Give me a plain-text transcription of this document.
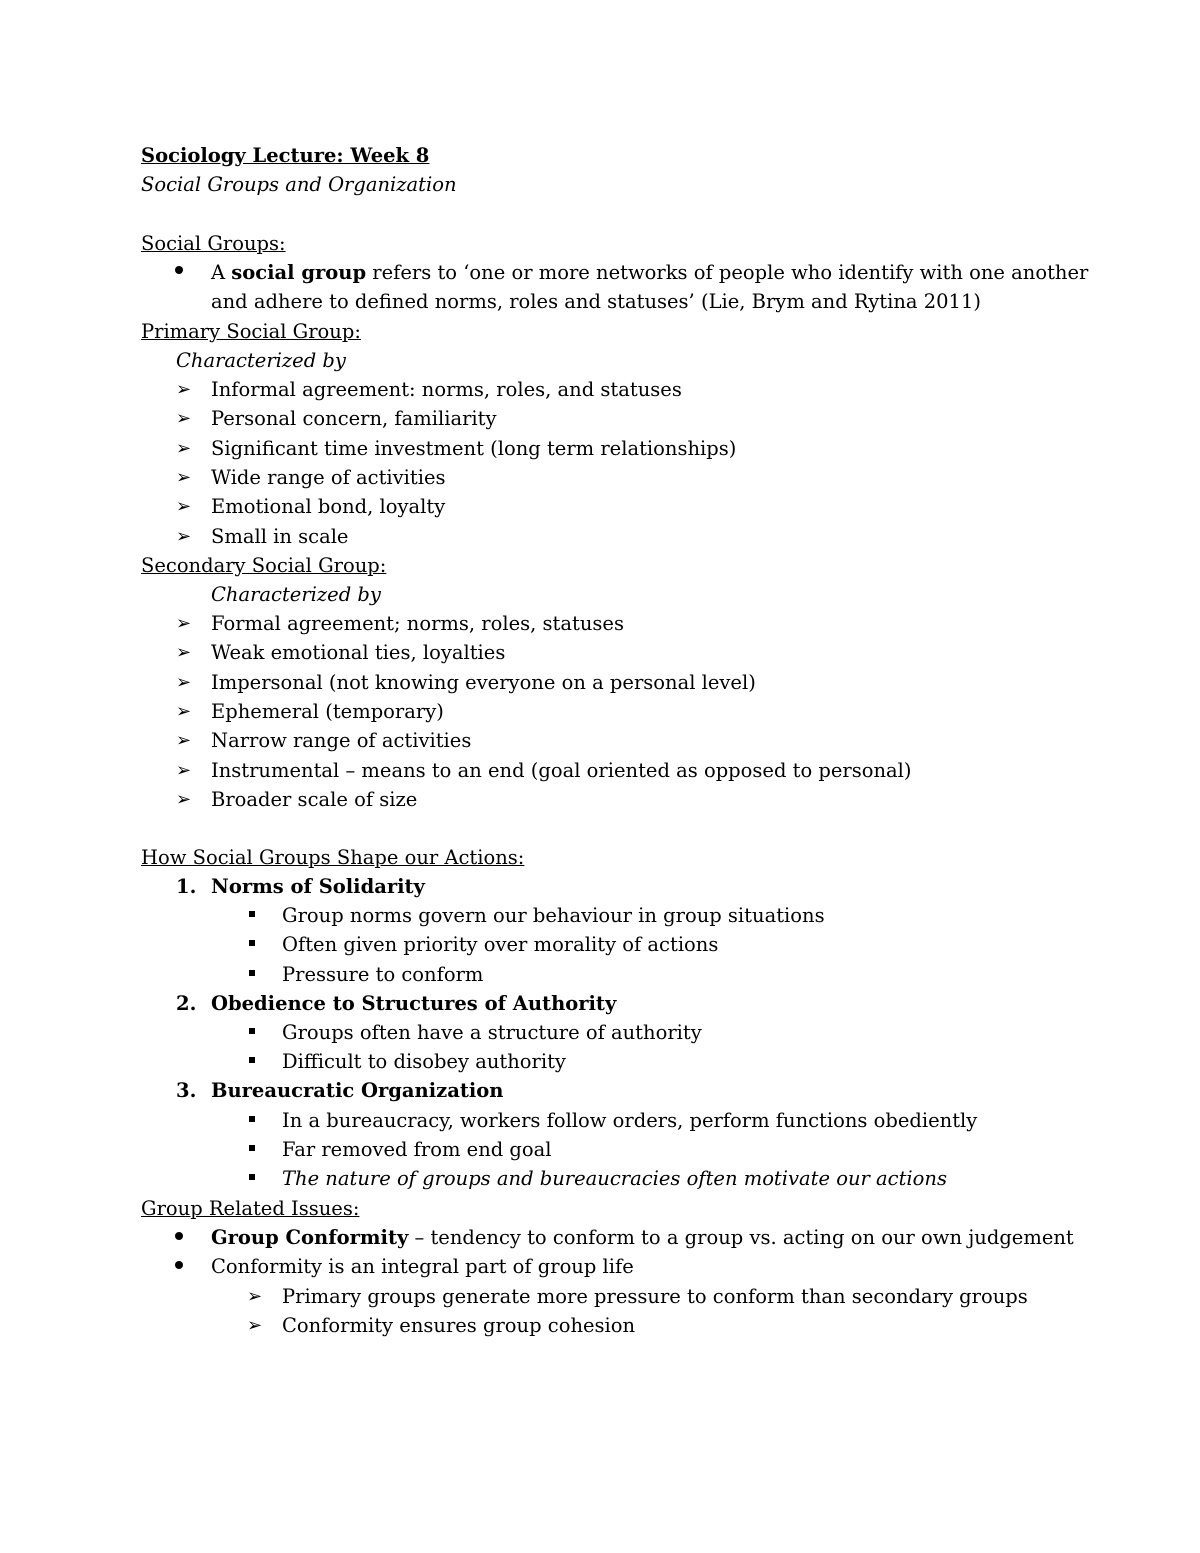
Sociology Lecture: Week 8
Social Groups and Organization
Social Groups:
A social group refers to ‘one or more networks of people who identify with one another
and adhere to defined norms, roles and statuses’ (Lie, Brym and Rytina 2011)
Primary Social Group:
Characterized by
➢ Informal agreement: norms, roles, and statuses
➢ Personal concern, familiarity
➢ Significant time investment (long term relationships)
➢ Wide range of activities
➢ Emotional bond, loyalty
➢ Small in scale
Secondary Social Group:
Characterized by
➢ Formal agreement; norms, roles, statuses
➢ Weak emotional ties, loyalties
➢ Impersonal (not knowing everyone on a personal level)
➢ Ephemeral (temporary)
➢ Narrow range of activities
➢ Instrumental – means to an end (goal oriented as opposed to personal)
➢ Broader scale of size
How Social Groups Shape our Actions:
1. Norms of Solidarity
Group norms govern our behaviour in group situations
Often given priority over morality of actions
Pressure to conform
2. Obedience to Structures of Authority
Groups often have a structure of authority
Difficult to disobey authority
3. Bureaucratic Organization
In a bureaucracy, workers follow orders, perform functions obediently
Far removed from end goal
The nature of groups and bureaucracies often motivate our actions
Group Related Issues:
Group Conformity – tendency to conform to a group vs. acting on our own judgement
Conformity is an integral part of group life
➢ Primary groups generate more pressure to conform than secondary groups
➢ Conformity ensures group cohesion
